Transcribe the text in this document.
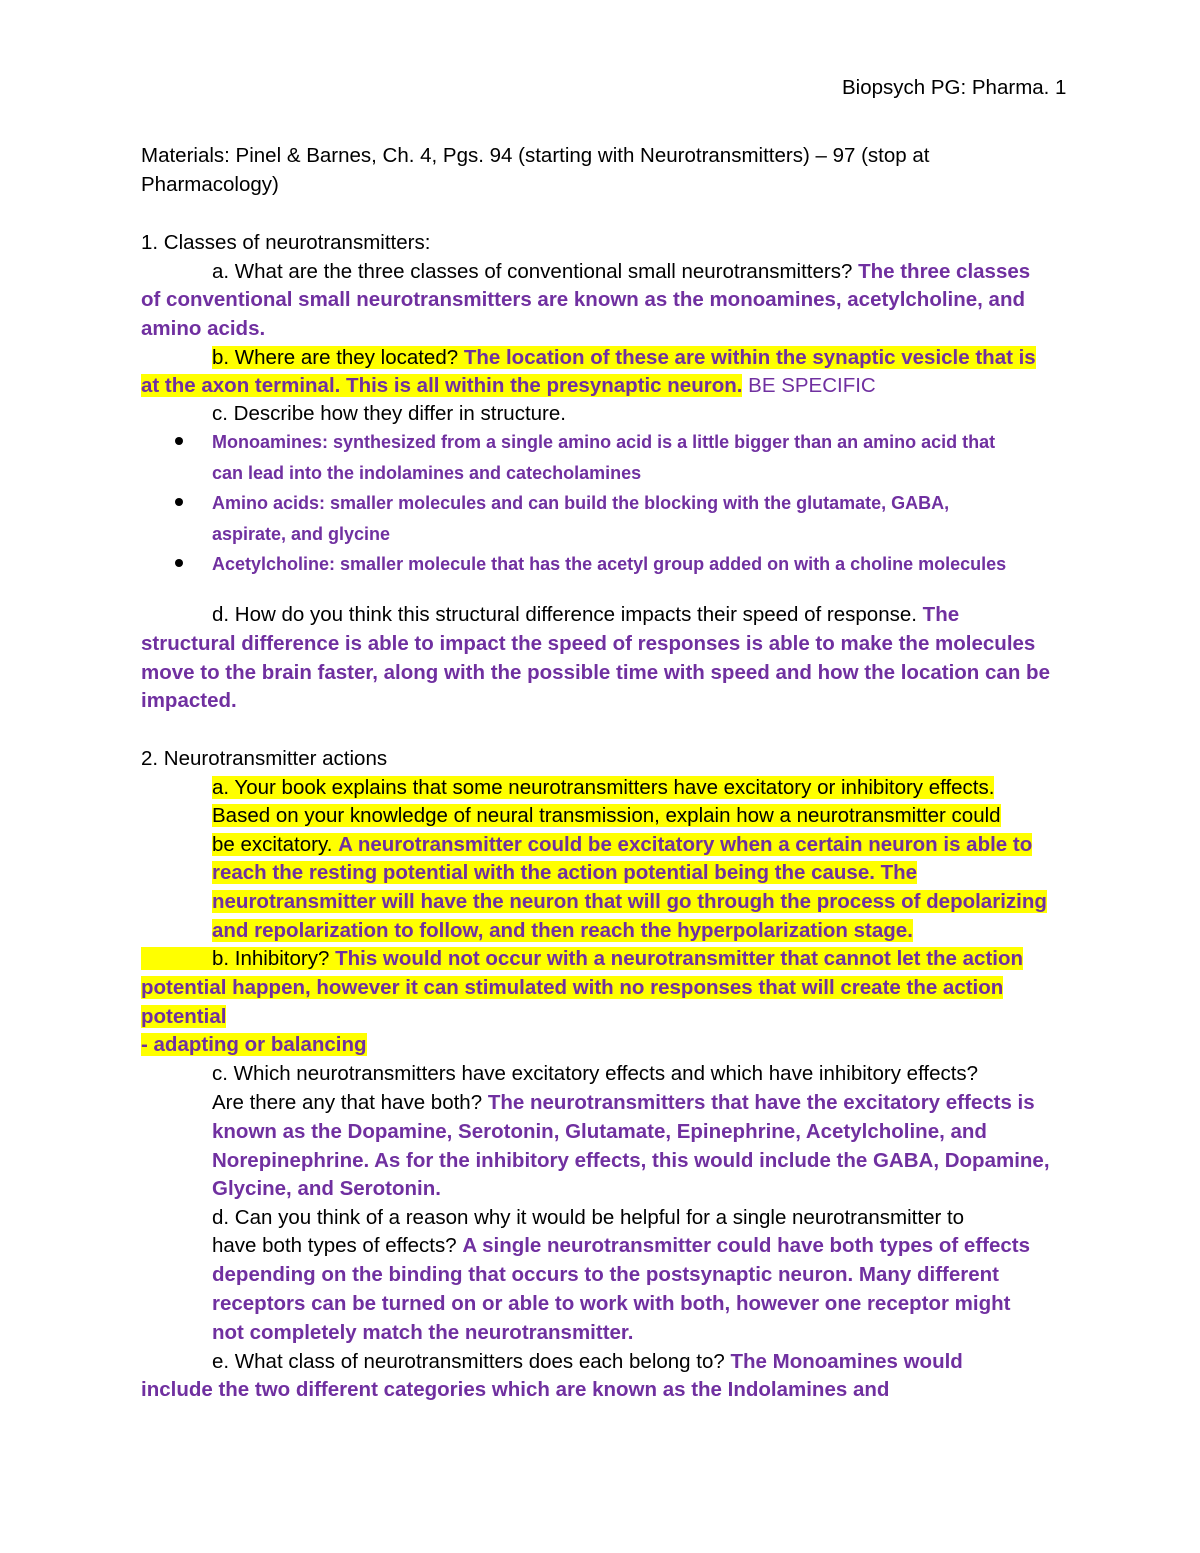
Biopsych PG: Pharma. 1
Materials: Pinel & Barnes, Ch. 4, Pgs. 94 (starting with Neurotransmitters) – 97 (stop at
Pharmacology)
1. Classes of neurotransmitters:
a. What are the three classes of conventional small neurotransmitters? The three classes
of conventional small neurotransmitters are known as the monoamines, acetylcholine, and
amino acids.
b. Where are they located? The location of these are within the synaptic vesicle that is
at the axon terminal. This is all within the presynaptic neuron. BE SPECIFIC
c. Describe how they differ in structure.
Monoamines: synthesized from a single amino acid is a little bigger than an amino acid that
can lead into the indolamines and catecholamines
Amino acids: smaller molecules and can build the blocking with the glutamate, GABA,
aspirate, and glycine
Acetylcholine: smaller molecule that has the acetyl group added on with a choline molecules
d. How do you think this structural difference impacts their speed of response. The
structural difference is able to impact the speed of responses is able to make the molecules
move to the brain faster, along with the possible time with speed and how the location can be
impacted.
2. Neurotransmitter actions
a. Your book explains that some neurotransmitters have excitatory or inhibitory effects.
Based on your knowledge of neural transmission, explain how a neurotransmitter could
be excitatory. A neurotransmitter could be excitatory when a certain neuron is able to
reach the resting potential with the action potential being the cause. The
neurotransmitter will have the neuron that will go through the process of depolarizing
and repolarization to follow, and then reach the hyperpolarization stage.
b. Inhibitory? This would not occur with a neurotransmitter that cannot let the action
potential happen, however it can stimulated with no responses that will create the action
potential
- adapting or balancing
c. Which neurotransmitters have excitatory effects and which have inhibitory effects?
Are there any that have both? The neurotransmitters that have the excitatory effects is
known as the Dopamine, Serotonin, Glutamate, Epinephrine, Acetylcholine, and
Norepinephrine. As for the inhibitory effects, this would include the GABA, Dopamine,
Glycine, and Serotonin.
d. Can you think of a reason why it would be helpful for a single neurotransmitter to
have both types of effects? A single neurotransmitter could have both types of effects
depending on the binding that occurs to the postsynaptic neuron. Many different
receptors can be turned on or able to work with both, however one receptor might
not completely match the neurotransmitter.
e. What class of neurotransmitters does each belong to? The Monoamines would
include the two different categories which are known as the Indolamines and
